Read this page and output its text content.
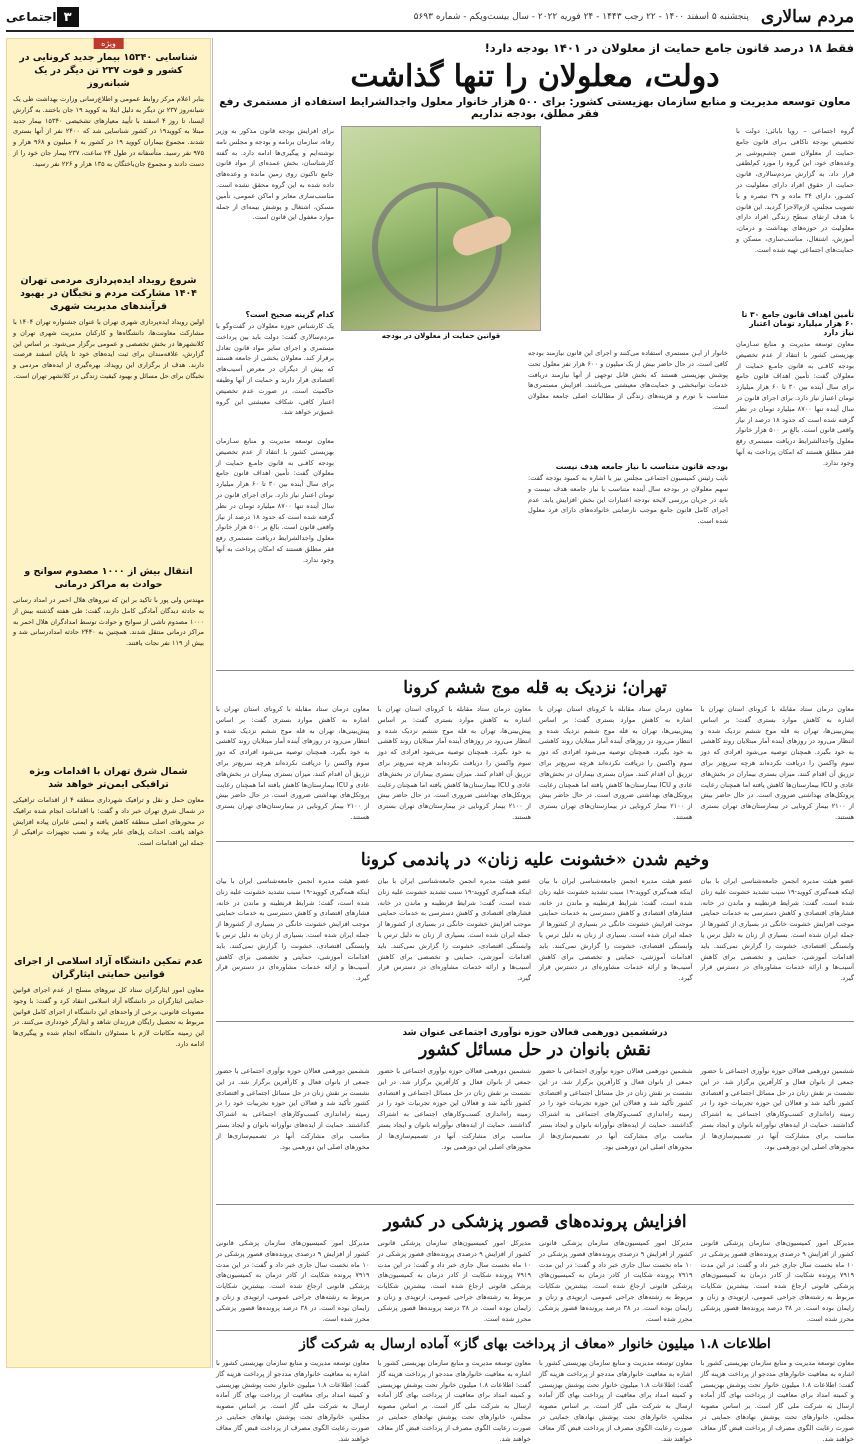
مردم سالاری
پنجشنبه ۵ اسفند ۱۴۰۰ - ۲۲ رجب ۱۴۴۳ - ۲۴ فوریه ۲۰۲۲ - سال بیست‌و‌یکم - شماره ۵۶۹۳
۳
اجتماعی
فقط ۱۸ درصد قانون جامع حمایت از معلولان در ۱۴۰۱ بودجه دارد!
دولت، معلولان را تنها گذاشت
معاون توسعه مدیریت و منابع سازمان بهزیستی کشور: برای ۵۰۰ هزار خانوار معلول واجدالشرایط استفاده از مستمری رفع فقر مطلق، بودجه نداریم
گروه اجتماعی – رویا بابائی: دولت با تخصیص بودجه ناکافی بـرای قانون جامع حمایت از معلولان ضمن چشم‌پوشی بر وعده‌های خود، این گروه را مورد کم‌لطفی قرار داد. به گزارش مردم‌سالاری، قانون حمایت از حقوق افراد دارای معلولیت در کشـور، دارای ۳۴ ماده و ۳۹ تبصره و با تصویب مجلس، لازم‌الاجرا گردید. این قانون با هدف ارتقای سطح زندگی افراد دارای معلولیت در حوزه‌های بهداشت و درمان، آموزش، اشتغال، مناسب‌سازی، مسکن و حمایت‌های اجتماعی تهیه شده است.
تأمین اهداف قانون جامع ۳۰ تا ۶۰ هزار میلیارد تومان اعتبار نیاز دارد
معاون توسعه مدیریت و منابع سـازمان بهزیستی کشور با انتقاد از عدم تخصیص بودجه کافـی به قانون جامـع حمایت از معلولان گفت: تأمین اهداف قانون جامع برای سال آینده بین ۳۰ تا ۶۰ هزار میلیارد تومان اعتبار نیاز دارد. برای اجرای قانون در سال آینده تنها ۸۷۰۰ میلیارد تومان در نظر گرفته شده است که حدود ۱۸ درصد از نیاز واقعی قانون است. بالغ بر ۵۰۰ هزار خانوار معلول واجدالشرایط دریافت مستمری رفع فقر مطلق هستند که امکان پرداخت به آنها وجود ندارد.
قوانین حمایت از معلولان در بودجه
برای افزایش بودجه قانون مذکور به وزیر رفاه، سازمان برنامه و بودجه و مجلس نامه نوشته‌ایم و پیگیری‌ها ادامه دارد. به گفته کارشناسان، بخش عمده‌ای از مواد قانون جامع تاکنون روی زمین مانده و وعده‌های داده شده به این گروه محقق نشده است. مناسب‌سازی معابر و اماکن عمومی، تأمین مسکن، اشتغال و پوشش بیمه‌ای از جمله موارد مغفول این قانون است.
کدام گزینه صحیح است؟
یک کارشناس حوزه معلولان در گفت‌وگو با مردم‌سالاری گفت: دولت باید بین پرداخت مستمری و اجرای سایر مواد قانون تعادل برقرار کند. معلولان بخشی از جامعه هستند که بیش از دیگران در معرض آسیب‌های اقتصادی قرار دارند و حمایت از آنها وظیفه حاکمیت است. در صورت عدم تخصیص اعتبار کافی، شکاف معیشتی این گروه عمیق‌تر خواهد شد.
خانوار از ایـن مستمری استفاده می‌کنند و اجرای این قانون نیازمند بودجه کافی است. در حال حاضر بیش از یک میلیون و ۶۰۰ هزار نفر معلول تحت پوشش بهزیستی هستند که بخش قابل توجهی از آنها نیازمند دریافت خدمات توانبخشی و حمایت‌های معیشتی می‌باشند. افزایش مستمری‌ها متناسب با تورم و هزینه‌های زندگی از مطالبات اصلی جامعه معلولان است.
بودجه قانون متناسب با نیاز جامعه هدف نیست
نایب رئیس کمیسیون اجتماعی مجلس نیز با اشاره به کمبود بودجه گفت: سهم معلولان در بودجه سال آینده متناسب با نیاز جامعه هدف نیست و باید در جریان بررسی لایحه بودجه اعتبارات این بخش افزایش یابد. عدم اجرای کامل قانون جامع موجب نارضایتی خانواده‌های دارای فرد معلول شده است.
معاون توسعه مدیریت و منابع سـازمان بهزیستی کشور با انتقاد از عدم تخصیص بودجه کافـی به قانون جامـع حمایت از معلولان گفت: تأمین اهداف قانون جامع برای سال آینده بین ۳۰ تا ۶۰ هزار میلیارد تومان اعتبار نیاز دارد. برای اجرای قانون در سال آینده تنها ۸۷۰۰ میلیارد تومان در نظر گرفته شده است که حدود ۱۸ درصد از نیاز واقعی قانون است. بالغ بر ۵۰۰ هزار خانوار معلول واجدالشرایط دریافت مستمری رفع فقر مطلق هستند که امکان پرداخت به آنها وجود ندارد.
تهران؛ نزدیک به قله موج ششم کرونا
معاون درمان ستاد مقابله با کرونای استان تهران با اشاره به کاهش موارد بستری گفت: بر اساس پیش‌بینی‌ها، تهران به قله موج ششم نزدیک شده و انتظار می‌رود در روزهای آینده آمار مبتلایان روند کاهشی به خود بگیرد. همچنان توصیه می‌شود افرادی که دوز سوم واکسن را دریافت نکرده‌اند هرچه سریع‌تر برای تزریق آن اقدام کنند. میزان بستری بیماران در بخش‌های عادی و ICU بیمارستان‌ها کاهش یافته اما همچنان رعایت پروتکل‌های بهداشتی ضروری است. در حال حاضر بیش از ۲۱۰۰ بیمار کرونایی در بیمارستان‌های تهران بستری هستند.
معاون درمان ستاد مقابله با کرونای استان تهران با اشاره به کاهش موارد بستری گفت: بر اساس پیش‌بینی‌ها، تهران به قله موج ششم نزدیک شده و انتظار می‌رود در روزهای آینده آمار مبتلایان روند کاهشی به خود بگیرد. همچنان توصیه می‌شود افرادی که دوز سوم واکسن را دریافت نکرده‌اند هرچه سریع‌تر برای تزریق آن اقدام کنند. میزان بستری بیماران در بخش‌های عادی و ICU بیمارستان‌ها کاهش یافته اما همچنان رعایت پروتکل‌های بهداشتی ضروری است. در حال حاضر بیش از ۲۱۰۰ بیمار کرونایی در بیمارستان‌های تهران بستری هستند.
معاون درمان ستاد مقابله با کرونای استان تهران با اشاره به کاهش موارد بستری گفت: بر اساس پیش‌بینی‌ها، تهران به قله موج ششم نزدیک شده و انتظار می‌رود در روزهای آینده آمار مبتلایان روند کاهشی به خود بگیرد. همچنان توصیه می‌شود افرادی که دوز سوم واکسن را دریافت نکرده‌اند هرچه سریع‌تر برای تزریق آن اقدام کنند. میزان بستری بیماران در بخش‌های عادی و ICU بیمارستان‌ها کاهش یافته اما همچنان رعایت پروتکل‌های بهداشتی ضروری است. در حال حاضر بیش از ۲۱۰۰ بیمار کرونایی در بیمارستان‌های تهران بستری هستند.
معاون درمان ستاد مقابله با کرونای استان تهران با اشاره به کاهش موارد بستری گفت: بر اساس پیش‌بینی‌ها، تهران به قله موج ششم نزدیک شده و انتظار می‌رود در روزهای آینده آمار مبتلایان روند کاهشی به خود بگیرد. همچنان توصیه می‌شود افرادی که دوز سوم واکسن را دریافت نکرده‌اند هرچه سریع‌تر برای تزریق آن اقدام کنند. میزان بستری بیماران در بخش‌های عادی و ICU بیمارستان‌ها کاهش یافته اما همچنان رعایت پروتکل‌های بهداشتی ضروری است. در حال حاضر بیش از ۲۱۰۰ بیمار کرونایی در بیمارستان‌های تهران بستری هستند.
وخیم شدن «خشونت علیه زنان» در پاندمی کرونا
عضو هیئت مدیره انجمن جامعه‌شناسی ایران با بیان اینکه همه‌گیری کووید-۱۹ سبب تشدید خشونت علیه زنان شده است، گفت: شرایط قرنطینه و ماندن در خانه، فشارهای اقتصادی و کاهش دسترسی به خدمات حمایتی موجب افزایش خشونت خانگی در بسیاری از کشورها از جمله ایران شده است. بسیاری از زنان به دلیل ترس یا وابستگی اقتصادی، خشونت را گزارش نمی‌کنند. باید اقدامات آموزشی، حمایتی و تخصصی برای کاهش آسیب‌ها و ارائه خدمات مشاوره‌ای در دسترس قرار گیرد.
عضو هیئت مدیره انجمن جامعه‌شناسی ایران با بیان اینکه همه‌گیری کووید-۱۹ سبب تشدید خشونت علیه زنان شده است، گفت: شرایط قرنطینه و ماندن در خانه، فشارهای اقتصادی و کاهش دسترسی به خدمات حمایتی موجب افزایش خشونت خانگی در بسیاری از کشورها از جمله ایران شده است. بسیاری از زنان به دلیل ترس یا وابستگی اقتصادی، خشونت را گزارش نمی‌کنند. باید اقدامات آموزشی، حمایتی و تخصصی برای کاهش آسیب‌ها و ارائه خدمات مشاوره‌ای در دسترس قرار گیرد.
عضو هیئت مدیره انجمن جامعه‌شناسی ایران با بیان اینکه همه‌گیری کووید-۱۹ سبب تشدید خشونت علیه زنان شده است، گفت: شرایط قرنطینه و ماندن در خانه، فشارهای اقتصادی و کاهش دسترسی به خدمات حمایتی موجب افزایش خشونت خانگی در بسیاری از کشورها از جمله ایران شده است. بسیاری از زنان به دلیل ترس یا وابستگی اقتصادی، خشونت را گزارش نمی‌کنند. باید اقدامات آموزشی، حمایتی و تخصصی برای کاهش آسیب‌ها و ارائه خدمات مشاوره‌ای در دسترس قرار گیرد.
عضو هیئت مدیره انجمن جامعه‌شناسی ایران با بیان اینکه همه‌گیری کووید-۱۹ سبب تشدید خشونت علیه زنان شده است، گفت: شرایط قرنطینه و ماندن در خانه، فشارهای اقتصادی و کاهش دسترسی به خدمات حمایتی موجب افزایش خشونت خانگی در بسیاری از کشورها از جمله ایران شده است. بسیاری از زنان به دلیل ترس یا وابستگی اقتصادی، خشونت را گزارش نمی‌کنند. باید اقدامات آموزشی، حمایتی و تخصصی برای کاهش آسیب‌ها و ارائه خدمات مشاوره‌ای در دسترس قرار گیرد.
درششمین دورهمی فعالان حوزه نوآوری اجتماعی عنوان شد
نقش بانوان در حل مسائل کشور
ششمین دورهمی فعالان حوزه نوآوری اجتماعی با حضور جمعی از بانوان فعال و کارآفرین برگزار شد. در این نشست بر نقش زنان در حل مسائل اجتماعی و اقتصادی کشور تأکید شد و فعالان این حوزه تجربیات خود را در زمینه راه‌اندازی کسب‌وکارهای اجتماعی به اشتراک گذاشتند. حمایت از ایده‌های نوآورانه بانوان و ایجاد بستر مناسب برای مشارکت آنها در تصمیم‌سازی‌ها از محورهای اصلی این دورهمی بود.
ششمین دورهمی فعالان حوزه نوآوری اجتماعی با حضور جمعی از بانوان فعال و کارآفرین برگزار شد. در این نشست بر نقش زنان در حل مسائل اجتماعی و اقتصادی کشور تأکید شد و فعالان این حوزه تجربیات خود را در زمینه راه‌اندازی کسب‌وکارهای اجتماعی به اشتراک گذاشتند. حمایت از ایده‌های نوآورانه بانوان و ایجاد بستر مناسب برای مشارکت آنها در تصمیم‌سازی‌ها از محورهای اصلی این دورهمی بود.
ششمین دورهمی فعالان حوزه نوآوری اجتماعی با حضور جمعی از بانوان فعال و کارآفرین برگزار شد. در این نشست بر نقش زنان در حل مسائل اجتماعی و اقتصادی کشور تأکید شد و فعالان این حوزه تجربیات خود را در زمینه راه‌اندازی کسب‌وکارهای اجتماعی به اشتراک گذاشتند. حمایت از ایده‌های نوآورانه بانوان و ایجاد بستر مناسب برای مشارکت آنها در تصمیم‌سازی‌ها از محورهای اصلی این دورهمی بود.
ششمین دورهمی فعالان حوزه نوآوری اجتماعی با حضور جمعی از بانوان فعال و کارآفرین برگزار شد. در این نشست بر نقش زنان در حل مسائل اجتماعی و اقتصادی کشور تأکید شد و فعالان این حوزه تجربیات خود را در زمینه راه‌اندازی کسب‌وکارهای اجتماعی به اشتراک گذاشتند. حمایت از ایده‌های نوآورانه بانوان و ایجاد بستر مناسب برای مشارکت آنها در تصمیم‌سازی‌ها از محورهای اصلی این دورهمی بود.
افزایش پرونده‌های قصور پزشکی در کشور
مدیرکل امور کمیسیون‌های سازمان پزشکی قانونی کشور از افزایش ۹ درصدی پرونده‌های قصور پزشکی در ۱۰ ماه نخست سال جاری خبر داد و گفت: در این مدت ۷۹۱۹ پرونده شکایت از کادر درمان به کمیسیون‌های پزشکی قانونی ارجاع شده است. بیشترین شکایات مربوط به رشته‌های جراحی عمومی، ارتوپدی و زنان و زایمان بوده است. در ۳۸ درصد پرونده‌ها قصور پزشکی محرز شده است.
مدیرکل امور کمیسیون‌های سازمان پزشکی قانونی کشور از افزایش ۹ درصدی پرونده‌های قصور پزشکی در ۱۰ ماه نخست سال جاری خبر داد و گفت: در این مدت ۷۹۱۹ پرونده شکایت از کادر درمان به کمیسیون‌های پزشکی قانونی ارجاع شده است. بیشترین شکایات مربوط به رشته‌های جراحی عمومی، ارتوپدی و زنان و زایمان بوده است. در ۳۸ درصد پرونده‌ها قصور پزشکی محرز شده است.
مدیرکل امور کمیسیون‌های سازمان پزشکی قانونی کشور از افزایش ۹ درصدی پرونده‌های قصور پزشکی در ۱۰ ماه نخست سال جاری خبر داد و گفت: در این مدت ۷۹۱۹ پرونده شکایت از کادر درمان به کمیسیون‌های پزشکی قانونی ارجاع شده است. بیشترین شکایات مربوط به رشته‌های جراحی عمومی، ارتوپدی و زنان و زایمان بوده است. در ۳۸ درصد پرونده‌ها قصور پزشکی محرز شده است.
مدیرکل امور کمیسیون‌های سازمان پزشکی قانونی کشور از افزایش ۹ درصدی پرونده‌های قصور پزشکی در ۱۰ ماه نخست سال جاری خبر داد و گفت: در این مدت ۷۹۱۹ پرونده شکایت از کادر درمان به کمیسیون‌های پزشکی قانونی ارجاع شده است. بیشترین شکایات مربوط به رشته‌های جراحی عمومی، ارتوپدی و زنان و زایمان بوده است. در ۳۸ درصد پرونده‌ها قصور پزشکی محرز شده است.
اطلاعات ۱.۸ میلیون خانوار «معاف از پرداخت بهای گاز» آماده ارسال به شرکت گاز
معاون توسعه مدیریت و منابع سازمان بهزیستی کشور با اشاره به معافیت خانوارهای مددجو از پرداخت هزینه گاز گفت: اطلاعات ۱.۸ میلیون خانوار تحت پوشش بهزیستی و کمیته امداد برای معافیت از پرداخت بهای گاز آماده ارسال به شرکت ملی گاز است. بر اساس مصوبه مجلس، خانوارهای تحت پوشش نهادهای حمایتی در صورت رعایت الگوی مصرف از پرداخت قبض گاز معاف خواهند شد.
معاون توسعه مدیریت و منابع سازمان بهزیستی کشور با اشاره به معافیت خانوارهای مددجو از پرداخت هزینه گاز گفت: اطلاعات ۱.۸ میلیون خانوار تحت پوشش بهزیستی و کمیته امداد برای معافیت از پرداخت بهای گاز آماده ارسال به شرکت ملی گاز است. بر اساس مصوبه مجلس، خانوارهای تحت پوشش نهادهای حمایتی در صورت رعایت الگوی مصرف از پرداخت قبض گاز معاف خواهند شد.
معاون توسعه مدیریت و منابع سازمان بهزیستی کشور با اشاره به معافیت خانوارهای مددجو از پرداخت هزینه گاز گفت: اطلاعات ۱.۸ میلیون خانوار تحت پوشش بهزیستی و کمیته امداد برای معافیت از پرداخت بهای گاز آماده ارسال به شرکت ملی گاز است. بر اساس مصوبه مجلس، خانوارهای تحت پوشش نهادهای حمایتی در صورت رعایت الگوی مصرف از پرداخت قبض گاز معاف خواهند شد.
معاون توسعه مدیریت و منابع سازمان بهزیستی کشور با اشاره به معافیت خانوارهای مددجو از پرداخت هزینه گاز گفت: اطلاعات ۱.۸ میلیون خانوار تحت پوشش بهزیستی و کمیته امداد برای معافیت از پرداخت بهای گاز آماده ارسال به شرکت ملی گاز است. بر اساس مصوبه مجلس، خانوارهای تحت پوشش نهادهای حمایتی در صورت رعایت الگوی مصرف از پرداخت قبض گاز معاف خواهند شد.
ویژه
شناسایی ۱۵۳۴۰ بیمار جدید کرونایی در کشور و فوت ۲۳۷ تن دیگر در یک شبانه‌روز
بنابر اعلام مرکز روابط عمومی و اطلاع‌رسانی وزارت بهداشت طی یک شبانه‌روز ۲۳۷ تن دیگر به دلیل ابتلا به کووید ۱۹ جان باختند. به گزارش ایسنا، تا روز ۴ اسفند با تأیید معیارهای تشخیصی ۱۵۳۴۰ بیمار جدید مبتلا به کووید۱۹ در کشور شناسایی شد که ۲۴۰۰ نفر از آنها بستری شدند. مجموع بیماران کووید ۱۹ در کشور به ۶ میلیون و ۹۶۸ هزار و ۹۷۵ نفر رسید. متأسفانه در طول ۲۴ ساعت، ۲۳۷ بیمار جان خود را از دست دادند و مجموع جان‌باختگان به ۱۳۵ هزار و ۲۲۶ نفر رسید.
شروع رویداد ایده‌پردازی مردمی تهران ۱۴۰۴ مشارکت مردم و نخبگان در بهبود فرآیندهای مدیریت شهری
اولین رویداد ایده‌پردازی شهری تهران با عنوان جشنواره تهران ۱۴۰۴ با مشارکت معاونت‌ها، دانشگاه‌ها و کارکنان مدیریت شهری تهران و کلانشهرها در بخش تخصصی و عمومی برگزار می‌شود. بر اساس این گزارش، علاقه‌مندان برای ثبت ایده‌های خود تا پایان اسفند فرصت دارند. هدف از برگزاری این رویداد، بهره‌گیری از ایده‌های مردمی و نخبگان برای حل مسائل و بهبود کیفیت زندگی در کلانشهر تهران است.
انتقال بیش از ۱۰۰۰ مصدوم سوانح و حوادث به مراکز درمانی
مهندس ولی پور با تاکید بر این که نیروهای هلال احمر در امداد رسانی به حادثه دیدگان آمادگی کامل دارند، گفت: طی هفته گذشته بیش از ۱۰۰۰ مصدوم ناشی از سوانح و حوادث توسط امدادگران هلال احمر به مراکز درمانی منتقل شدند. همچنین به ۲۴۴۰ حادثه امدادرسانی شد و بیش از ۱۱۹ نفر نجات یافتند.
شمال شرق تهران با اقدامات ویژه ترافیکی ایمن‌تر خواهد شد
معاون حمل و نقل و ترافیک شهرداری منطقه ۴ از اقدامات ترافیکی در شمال شرق تهران خبر داد و گفت: با اقدامات انجام شده ترافیک در محورهای اصلی منطقه کاهش یافته و ایمنی عابران پیاده افزایش خواهد یافت. احداث پل‌های عابر پیاده و نصب تجهیزات ترافیکی از جمله این اقدامات است.
عدم تمکین دانشگاه آزاد اسلامی از اجرای قوانین حمایتی ایثارگران
معاون امور ایثارگران ستاد کل نیروهای مسلح از عدم اجرای قوانین حمایتی ایثارگران در دانشگاه آزاد اسلامی انتقاد کرد و گفت: با وجود مصوبات قانونی، برخی از واحدهای این دانشگاه از اجرای کامل قوانین مربوط به تحصیل رایگان فرزندان شاهد و ایثارگر خودداری می‌کنند. در این زمینه مکاتبات لازم با مسئولان دانشگاه انجام شده و پیگیری‌ها ادامه دارد.
